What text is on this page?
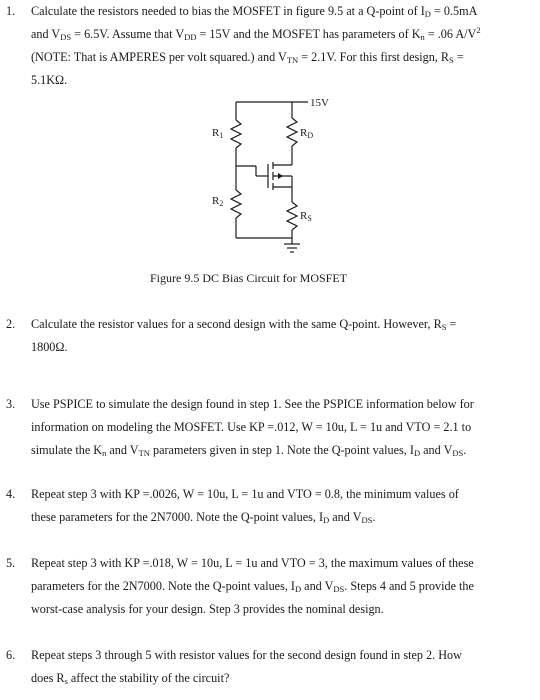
1.	Calculate the resistors needed to bias the MOSFET in figure 9.5 at a Q-point of $I_D = 0.5mA$
and $V_{DS} = 6.5V$. Assume that $V_{DD} = 15V$ and the MOSFET has parameters of $K_n = .06$ $A/V^2$
(NOTE: That is AMPERES per volt squared.) and $V_{TN} = 2.1V$. For this first design, $R_S$ =
5.1KΩ.
15V
R1
R2
RD
RS
Figure 9.5 DC Bias Circuit for MOSFET
2.	Calculate the resistor values for a second design with the same Q-point. However, $R_S$ =
1800Ω.
3.	Use PSPICE to simulate the design found in step 1. See the PSPICE information below for
information on modeling the MOSFET. Use KP =.012, W = 10u, L = 1u and VTO = 2.1 to
simulate the $K_n$ and $V_{TN}$ parameters given in step 1. Note the Q-point values, $I_D$ and $V_{DS}$.
4.	Repeat step 3 with KP =.0026, W = 10u, L = 1u and VTO = 0.8, the minimum values of
these parameters for the 2N7000. Note the Q-point values, $I_D$ and $V_{DS}$.
5.	Repeat step 3 with KP =.018, W = 10u, L = 1u and VTO = 3, the maximum values of these
parameters for the 2N7000. Note the Q-point values, $I_D$ and $V_{DS}$. Steps 4 and 5 provide the
worst-case analysis for your design. Step 3 provides the nominal design.
6.	Repeat steps 3 through 5 with resistor values for the second design found in step 2. How
does $R_s$ affect the stability of the circuit?
